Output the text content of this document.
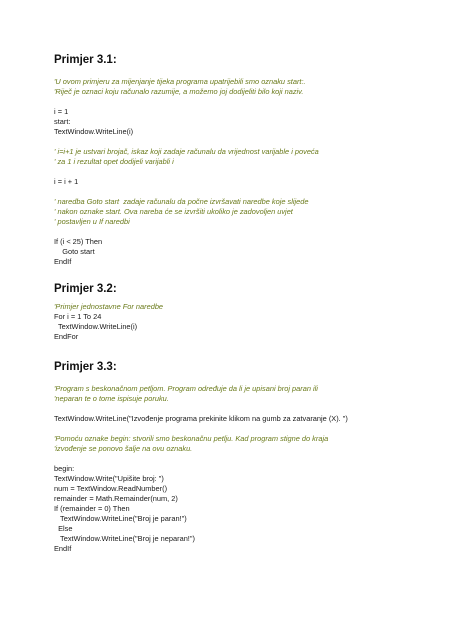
Primjer 3.1:
'U ovom primjeru za mijenjanje tijeka programa upatrijebili smo oznaku start:.
'Riječ je oznaci koju računalo razumije, a možemo joj dodijeliti bilo koji naziv.
i = 1
start:
TextWindow.WriteLine(i)
' i=i+1 je ustvari brojač, iskaz koji zadaje računalu da vrijednost varijable i poveća
' za 1 i rezultat opet dodijeli varijabli i
i = i + 1
' naredba Goto start  zadaje računalu da počne izvršavati naredbe koje slijede
' nakon oznake start. Ova nareba će se izvršiti ukoliko je zadovoljen uvjet
' postavljen u If naredbi
If (i < 25) Then
Goto start
EndIf
Primjer 3.2:
'Primjer jednostavne For naredbe
For i = 1 To 24
TextWindow.WriteLine(i)
EndFor
Primjer 3.3:
'Program s beskonačnom petljom. Program određuje da li je upisani broj paran ili
'neparan te o tome ispisuje poruku.
TextWindow.WriteLine("Izvođenje programa prekinite klikom na gumb za zatvaranje (X). ")
'Pomoću oznake begin: stvorili smo beskonačnu petlju. Kad program stigne do kraja
'izvođenje se ponovo šalje na ovu oznaku.
begin:
TextWindow.Write("Upišite broj: ")
num = TextWindow.ReadNumber()
remainder = Math.Remainder(num, 2)
If (remainder = 0) Then
TextWindow.WriteLine("Broj je paran!")
Else
TextWindow.WriteLine("Broj je neparan!")
EndIf
